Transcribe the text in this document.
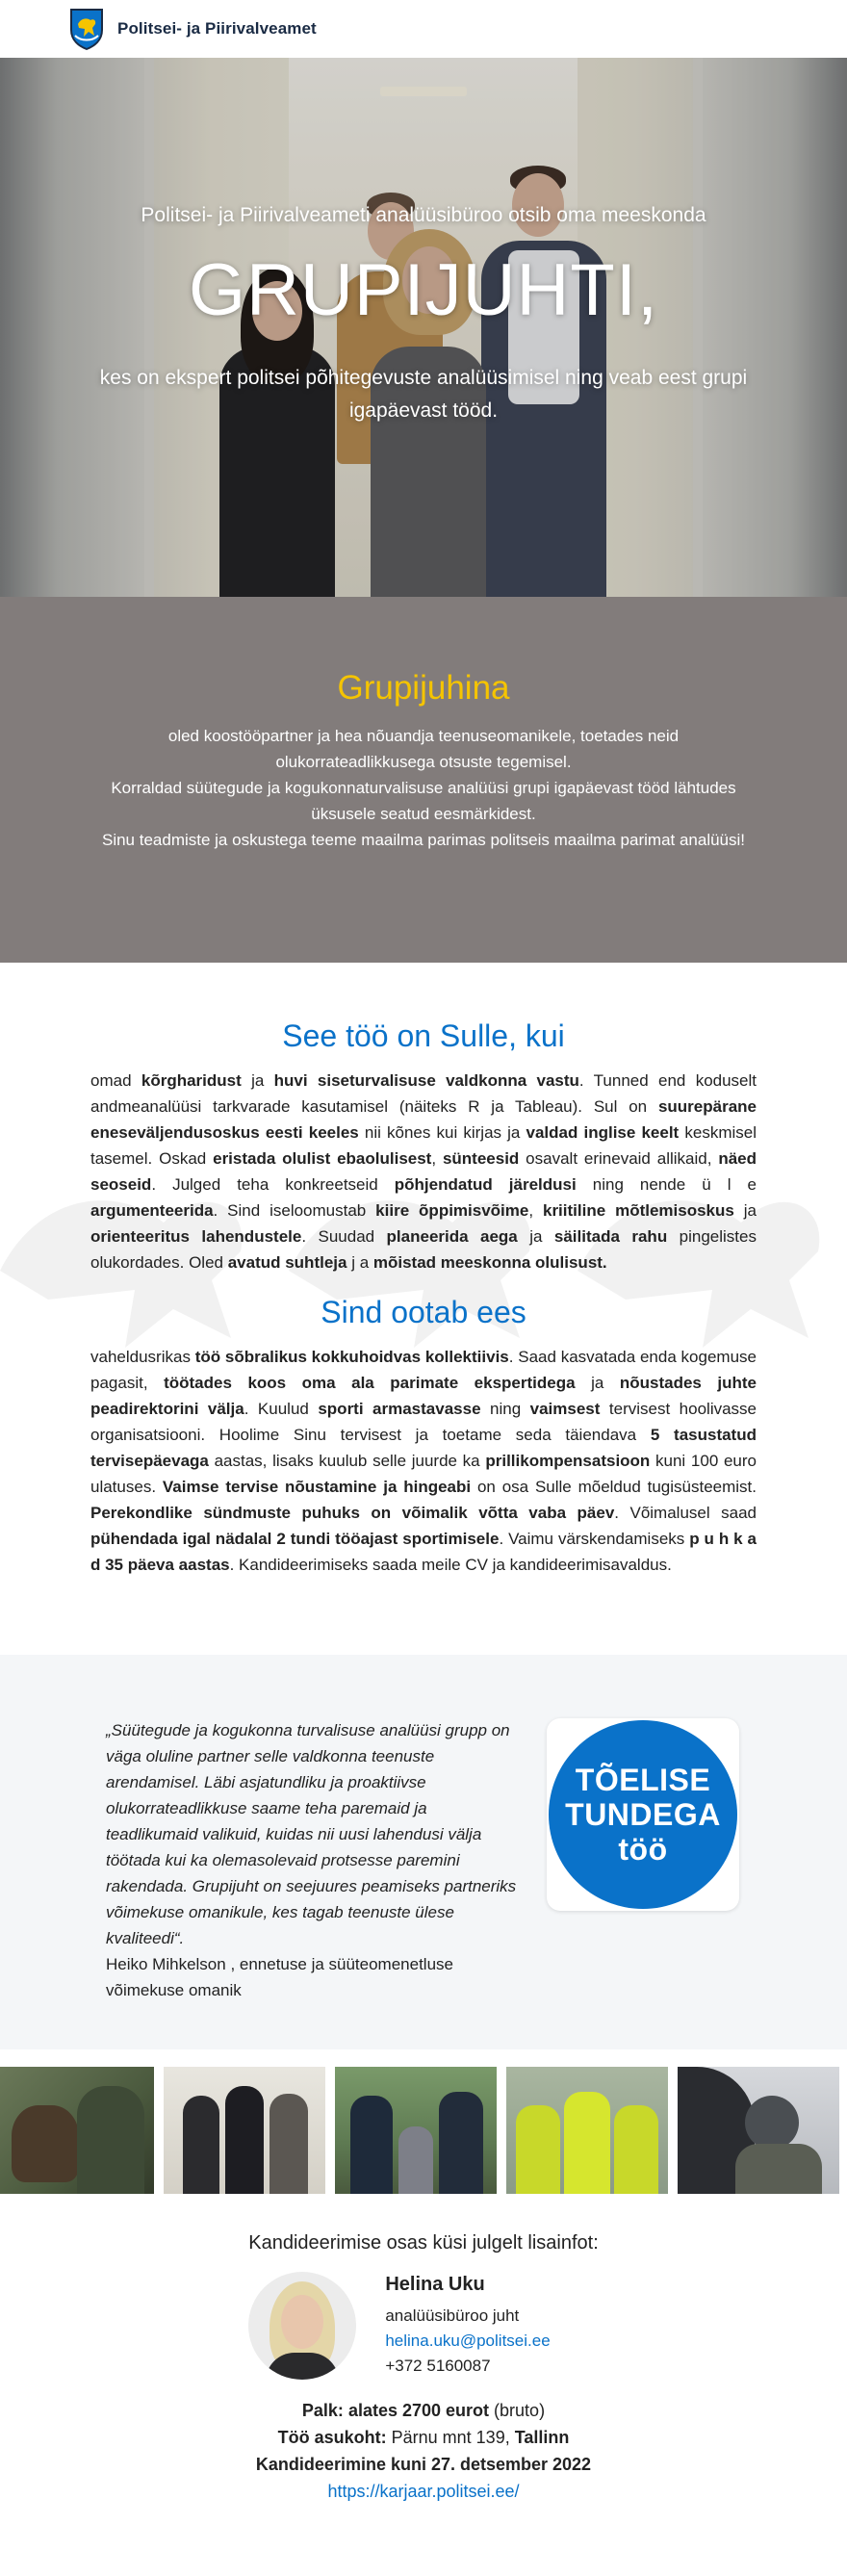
Politsei- ja Piirivalveamet
Politsei- ja Piirivalveameti analüüsibüroo otsib oma meeskonda
GRUPIJUHTI,
kes on ekspert politsei põhitegevuste analüüsimisel ning veab eest grupi igapäevast tööd.
Grupijuhina

oled koostööpartner ja hea nõuandja teenuseomanikele, toetades neid olukorrateadlikkusega otsuste tegemisel.

Korraldad süütegude ja kogukonnaturvalisuse analüüsi grupi igapäevast tööd lähtudes üksusele seatud eesmärkidest.

Sinu teadmiste ja oskustega teeme maailma parimas politseis maailma parimat analüüsi!

See töö on Sulle, kui

omad kõrgharidust ja huvi siseturvalisuse valdkonna vastu. Tunned end koduselt andmeanalüüsi tarkvarade kasutamisel (näiteks R ja Tableau). Sul on suurepärane eneseväljendusoskus eesti keeles nii kõnes kui kirjas ja valdad inglise keelt keskmisel tasemel. Oskad eristada olulist ebaolulisest, sünteesid osavalt erinevaid allikaid, näed seoseid. Julged teha konkreetseid põhjendatud järeldusi ning nende ü l e argumenteerida. Sind iseloomustab kiire õppimisvõime, kriitiline mõtlemisoskus ja orienteeritus lahendustele. Suudad planeerida aega ja säilitada rahu pingelistes olukordades. Oled avatud suhtleja j a mõistad meeskonna olulisust.

Sind ootab ees

vaheldusrikas töö sõbralikus kokkuhoidvas kollektiivis. Saad kasvatada enda kogemuse pagasit, töötades koos oma ala parimate ekspertidega ja nõustades juhte peadirektorini välja. Kuulud sporti armastavasse ning vaimsest tervisest hoolivasse organisatsiooni. Hoolime Sinu tervisest ja toetame seda täiendava 5 tasustatud tervisepäevaga aastas, lisaks kuulub selle juurde ka prillikompensatsioon kuni 100 euro ulatuses. Vaimse tervise nõustamine ja hingeabi on osa Sulle mõeldud tugisüsteemist. Perekondlike sündmuste puhuks on võimalik võtta vaba päev. Võimalusel saad pühendada igal nädalal 2 tundi tööajast sportimisele. Vaimu värskendamiseks p u h k a d 35 päeva aastas. Kandideerimiseks saada meile CV ja kandideerimisavaldus.

„Süütegude ja kogukonna turvalisuse analüüsi grupp on väga oluline partner selle valdkonna teenuste arendamisel. Läbi asjatundliku ja proaktiivse olukorrateadlikkuse saame teha paremaid ja teadlikumaid valikuid, kuidas nii uusi lahendusi välja töötada kui ka olemasolevaid protsesse paremini rakendada. Grupijuht on seejuures peamiseks partneriks võimekuse omanikule, kes tagab teenuste ülese kvaliteedi“.
Heiko Mihkelson , ennetuse ja süüteomenetluse võimekuse omanik
TÕELISE
TUNDEGA
töö
Kandideerimise osas küsi julgelt lisainfot:
Helina Uku
analüüsibüroo juht
helina.uku@politsei.ee
+372 5160087
Palk: alates 2700 eurot (bruto)
Töö asukoht: Pärnu mnt 139, Tallinn
Kandideerimine kuni 27. detsember 2022
https://karjaar.politsei.ee/
